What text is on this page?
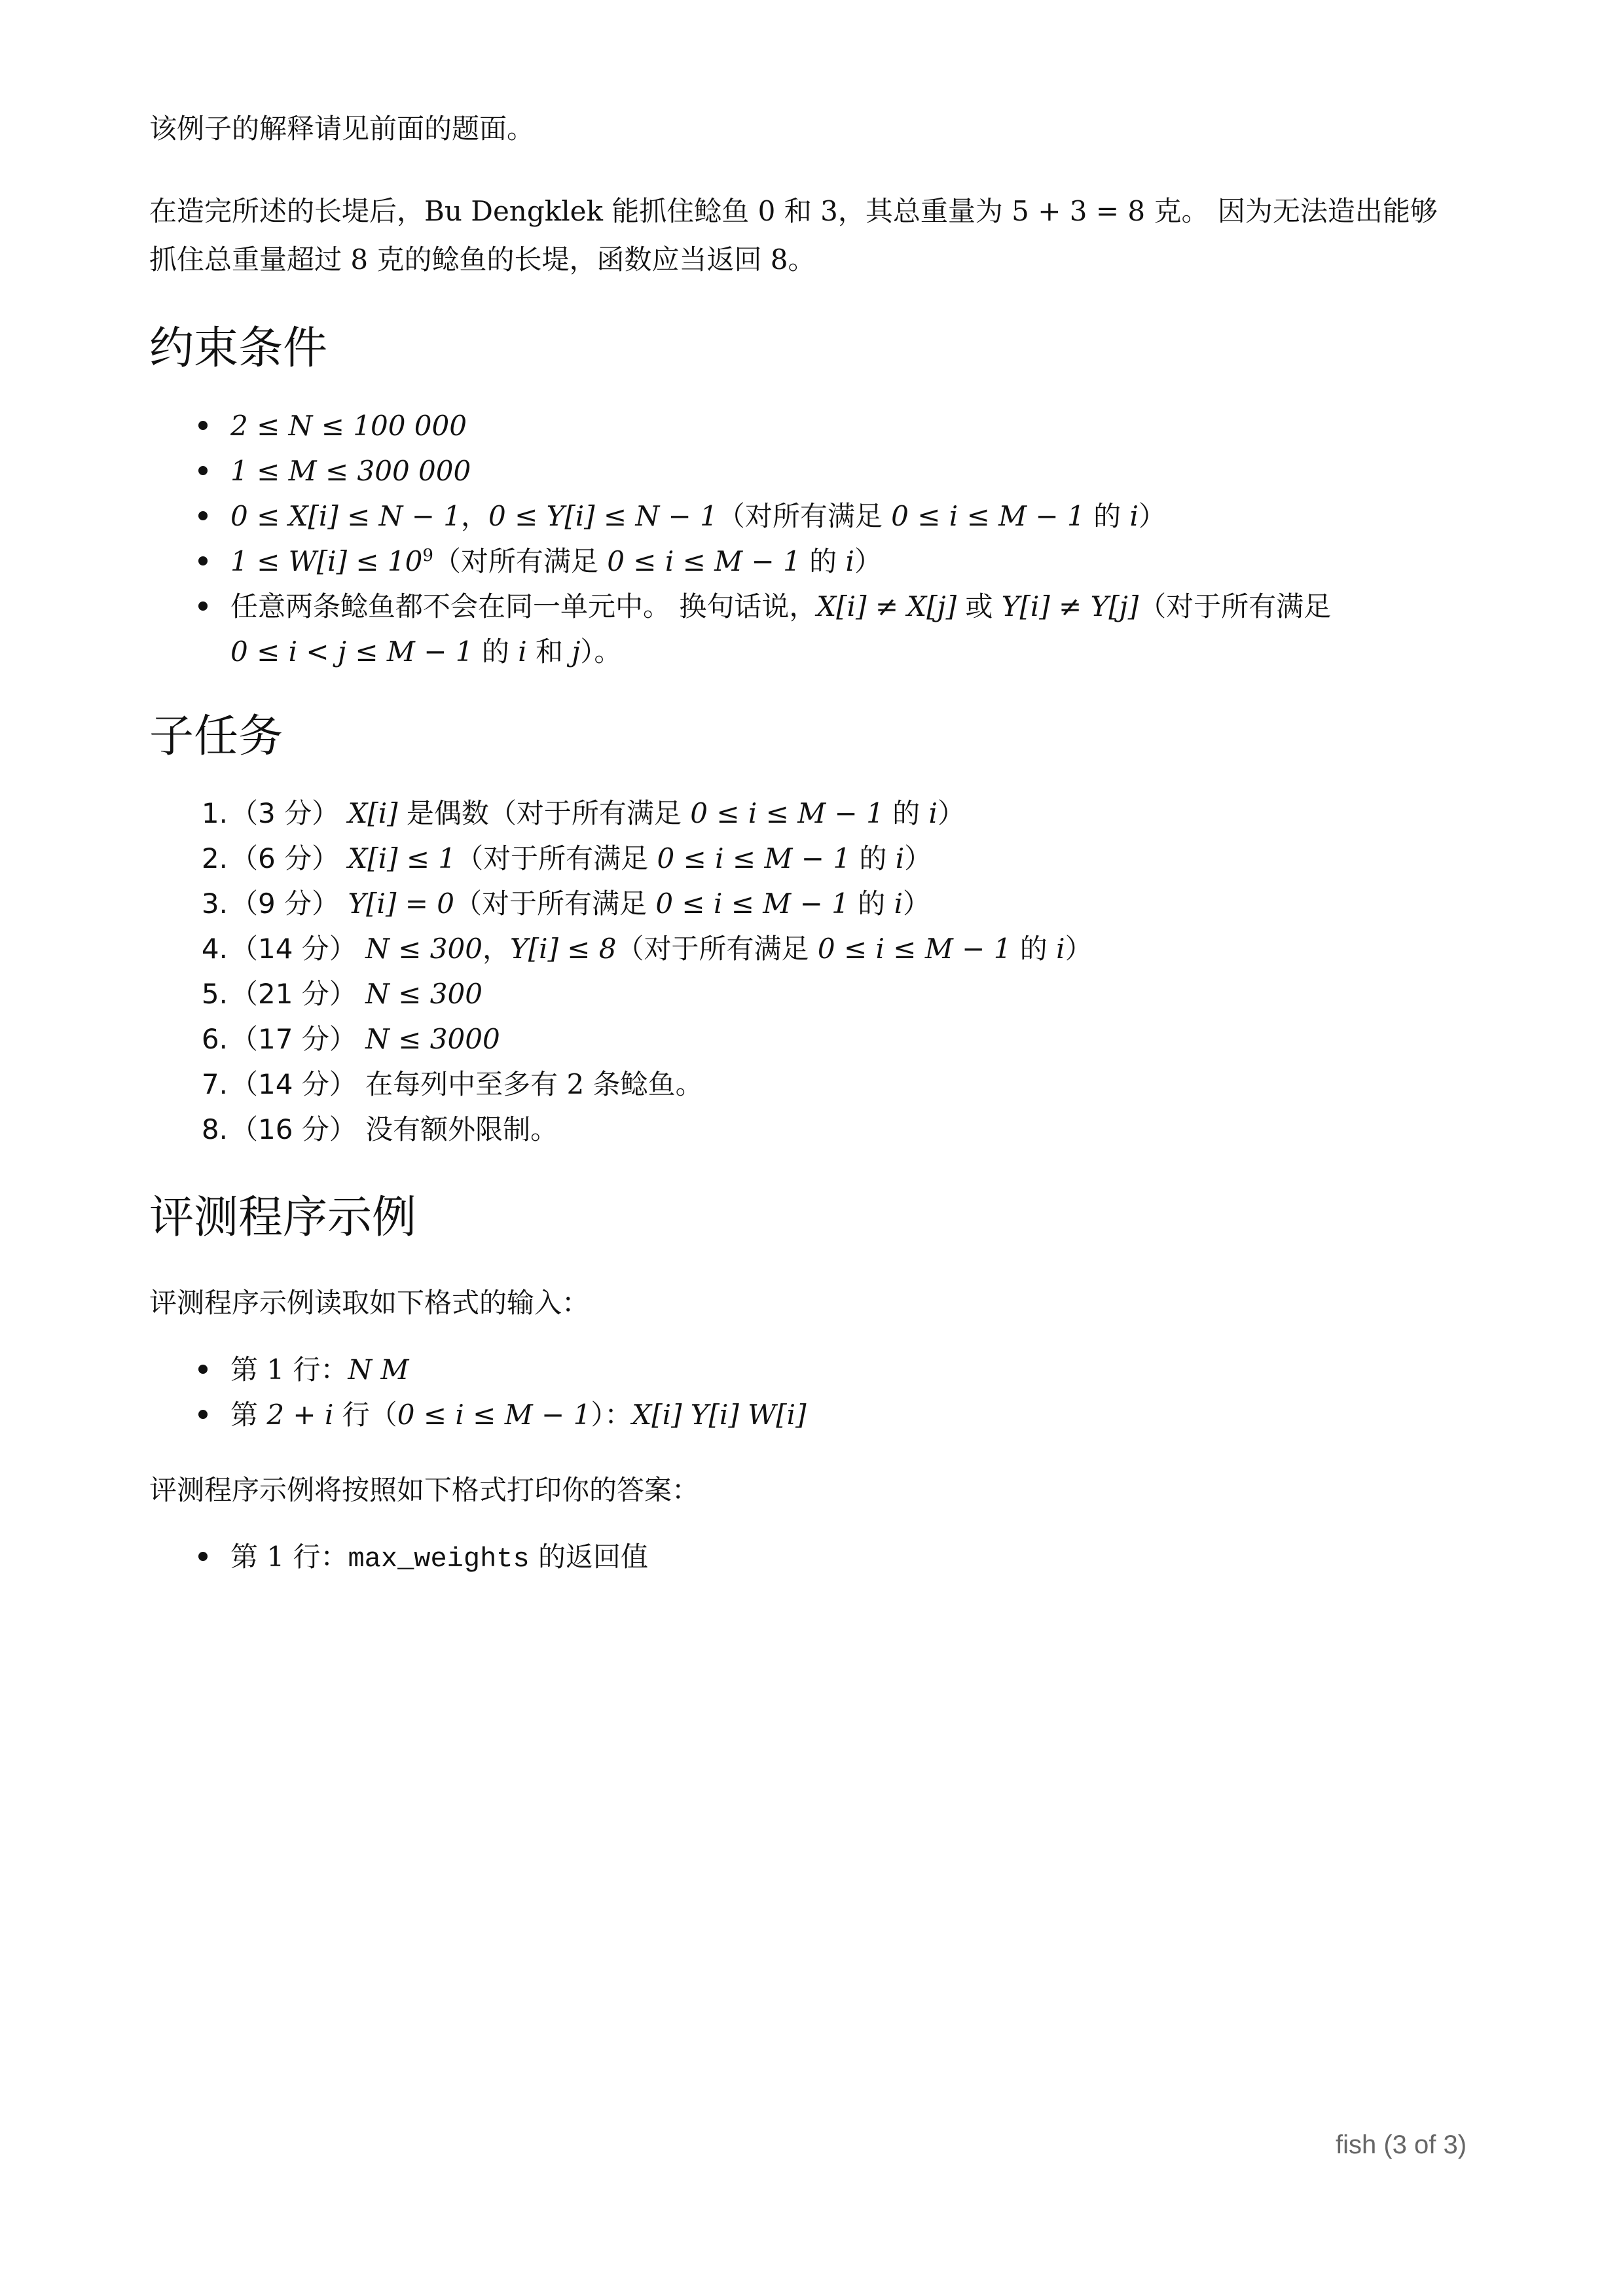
该例子的解释请见前面的题面。

在造完所述的长堤后，Bu Dengklek 能抓住鲶鱼 0 和 3，其总重量为 5 + 3 = 8 克。 因为无法造出能够
抓住总重量超过 8 克的鲶鱼的长堤，函数应当返回 8。

约束条件
2 ≤ N ≤ 100 000
1 ≤ M ≤ 300 000
0 ≤ X[i] ≤ N − 1，0 ≤ Y[i] ≤ N − 1（对所有满足 0 ≤ i ≤ M − 1 的 i）
$1 \le W[i] \le 10^9$（对所有满足 0 ≤ i ≤ M − 1 的 i）
任意两条鲶鱼都不会在同一单元中。 换句话说，X[i] ≠ X[j] 或 Y[i] ≠ Y[j]（对于所有满足
0 ≤ i < j ≤ M − 1 的 i 和 j）。
子任务
1. （3 分） X[i] 是偶数（对于所有满足 0 ≤ i ≤ M − 1 的 i）
2. （6 分） X[i] ≤ 1（对于所有满足 0 ≤ i ≤ M − 1 的 i）
3. （9 分） Y[i] = 0（对于所有满足 0 ≤ i ≤ M − 1 的 i）
4. （14 分） N ≤ 300，Y[i] ≤ 8（对于所有满足 0 ≤ i ≤ M − 1 的 i）
5. （21 分） N ≤ 300
6. （17 分） N ≤ 3000
7. （14 分） 在每列中至多有 2 条鲶鱼。
8. （16 分） 没有额外限制。
评测程序示例

评测程序示例读取如下格式的输入：

第 1 行：N M
第 2 + i 行（0 ≤ i ≤ M − 1）：X[i] Y[i] W[i]

评测程序示例将按照如下格式打印你的答案：

第 1 行：max_weights 的返回值
fish (3 of 3)
